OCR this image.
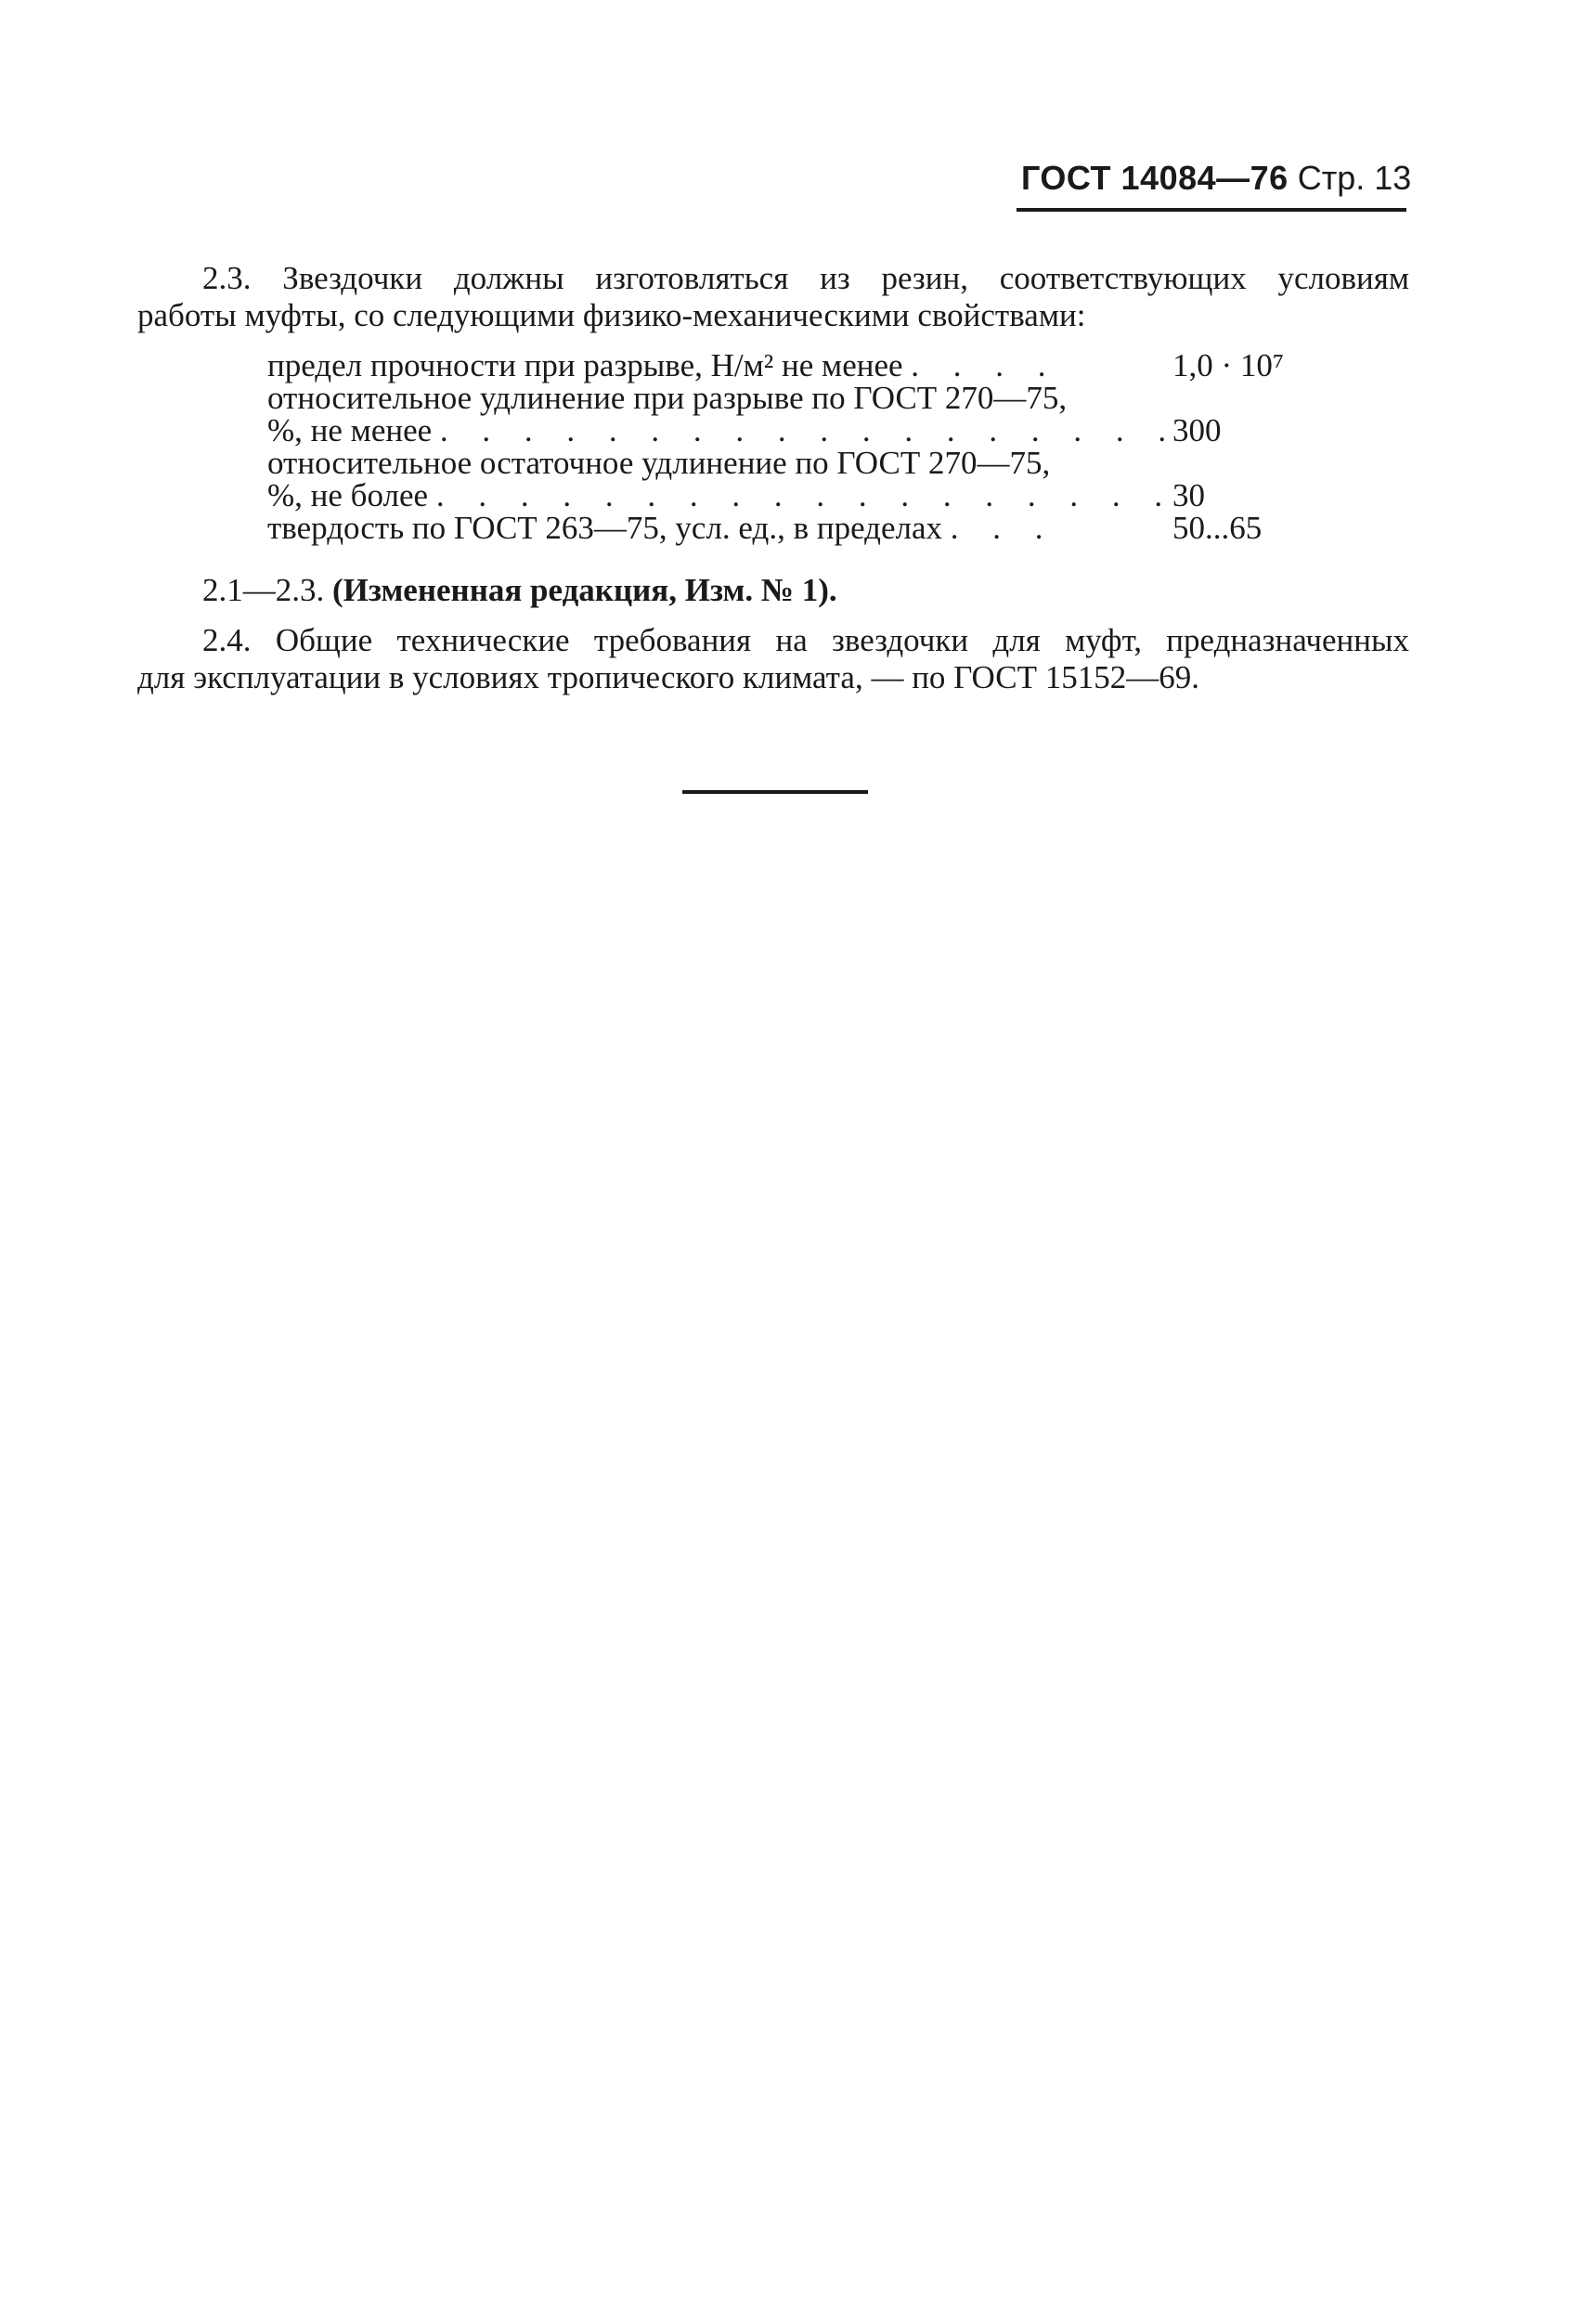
ГОСТ 14084—76 Стр. 13
2.3. Звездочки должны изготовляться из резин, соответствующих условиям
работы муфты, со следующими физико-механическими свойствами:
предел прочности при разрыве, Н/м² не менее . . . .	1,0 · 10⁷
относительное удлинение при разрыве по ГОСТ 270—75,
%, не менее . . . . . . . . . . . . . . . . . .
300
относительное остаточное удлинение по ГОСТ 270—75,
%, не более . . . . . . . . . . . . . . . . . .
30
твердость по ГОСТ 263—75, усл. ед., в пределах . . .	50...65
2.1—2.3. (Измененная редакция, Изм. № 1).
2.4. Общие технические требования на звездочки для муфт, предназначенных
для эксплуатации в условиях тропического климата, — по ГОСТ 15152—69.
